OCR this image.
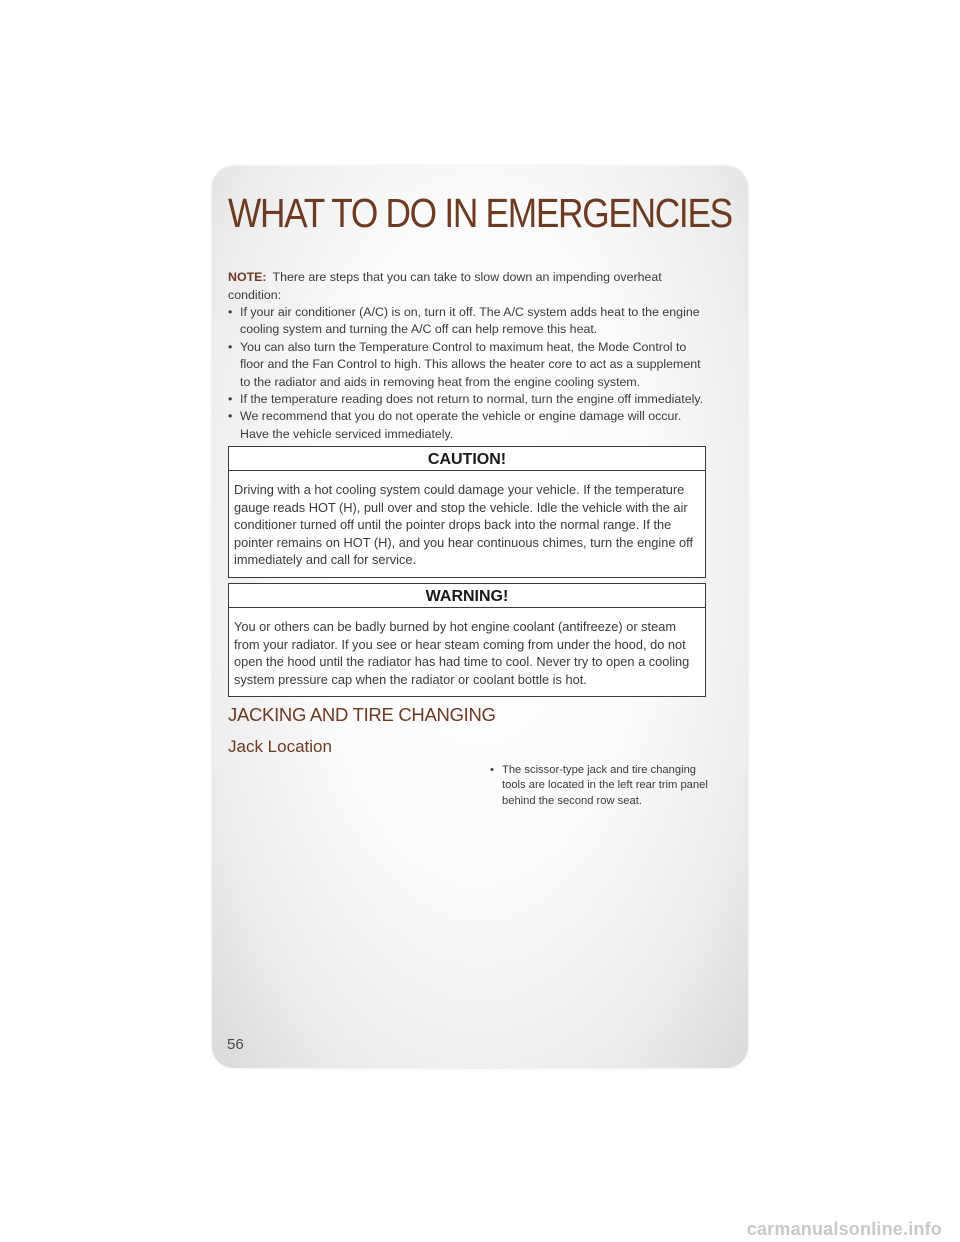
WHAT TO DO IN EMERGENCIES

NOTE: There are steps that you can take to slow down an impending overheat condition:

• If your air conditioner (A/C) is on, turn it off. The A/C system adds heat to the engine cooling system and turning the A/C off can help remove this heat.
• You can also turn the Temperature Control to maximum heat, the Mode Control to floor and the Fan Control to high. This allows the heater core to act as a supplement to the radiator and aids in removing heat from the engine cooling system.
• If the temperature reading does not return to normal, turn the engine off immediately.
• We recommend that you do not operate the vehicle or engine damage will occur. Have the vehicle serviced immediately.
CAUTION!
Driving with a hot cooling system could damage your vehicle. If the temperature gauge reads HOT (H), pull over and stop the vehicle. Idle the vehicle with the air conditioner turned off until the pointer drops back into the normal range. If the pointer remains on HOT (H), and you hear continuous chimes, turn the engine off immediately and call for service.
WARNING!
You or others can be badly burned by hot engine coolant (antifreeze) or steam from your radiator. If you see or hear steam coming from under the hood, do not open the hood until the radiator has had time to cool. Never try to open a cooling system pressure cap when the radiator or coolant bottle is hot.
JACKING AND TIRE CHANGING
Jack Location
• The scissor-type jack and tire changing tools are located in the left rear trim panel behind the second row seat.
56
carmanualsonline.info
